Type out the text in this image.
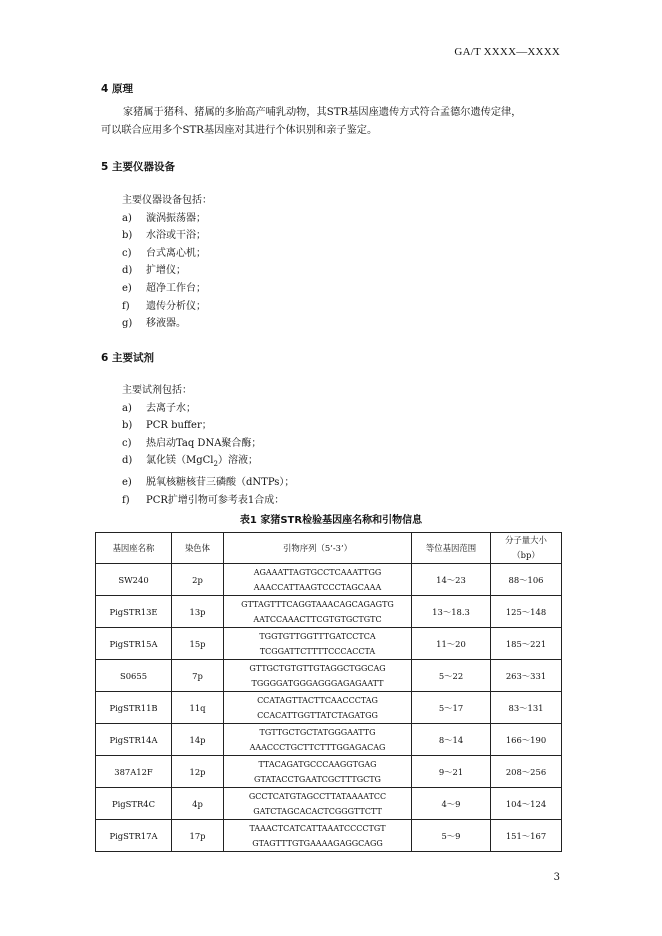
GA/T XXXX—XXXX
4 原理
家猪属于猪科、猪属的多胎高产哺乳动物，其STR基因座遗传方式符合孟德尔遗传定律，
可以联合应用多个STR基因座对其进行个体识别和亲子鉴定。
5 主要仪器设备
主要仪器设备包括：
a)	漩涡振荡器；
b)	水浴或干浴；
c)	台式离心机；
d)	扩增仪；
e)	超净工作台；
f)	遗传分析仪；
g)	移液器。
6 主要试剂
主要试剂包括：
a)	去离子水；
b)	PCR buffer；
c)	热启动Taq DNA聚合酶；
d)	氯化镁（MgCl$_2$）溶液；
e)	脱氧核糖核苷三磷酸（dNTPs）；
f)	PCR扩增引物可参考表1合成：
表1 家猪STR检验基因座名称和引物信息
基因座名称	染色体	引物序列（5’-3’）	等位基因范围	分子量大小
（bp）

SW240	2p	AGAAATTAGTGCCTCAAATTGG
AAACCATTAAGTCCCTAGCAAA	14～23	88～106
PigSTR13E	13p	GTTAGTTTCAGGTAAACAGCAGAGTG
AATCCAAACTTCGTGTGCTGTC	13～18.3	125～148
PigSTR15A	15p	TGGTGTTGGTTTGATCCTCA
TCGGATTCTTTTCCCACCTA	11～20	185～221
S0655	7p	GTTGCTGTGTTGTAGGCTGGCAG
TGGGGATGGGAGGGAGAGAATT	5～22	263～331
PigSTR11B	11q	CCATAGTTACTTCAACCCTAG
CCACATTGGTTATCTAGATGG	5～17	83～131
PigSTR14A	14p	TGTTGCTGCTATGGGAATTG
AAACCCTGCTTCTTTGGAGACAG	8～14	166～190
387A12F	12p	TTACAGATGCCCAAGGTGAG
GTATACCTGAATCGCTTTGCTG	9～21	208～256
PigSTR4C	4p	GCCTCATGTAGCCTTATAAAATCC
GATCTAGCACACTCGGGTTCTT	4～9	104～124
PigSTR17A	17p	TAAACTCATCATTAAATCCCCTGT
GTAGTTTGTGAAAAGAGGCAGG	5～9	151～167
3
